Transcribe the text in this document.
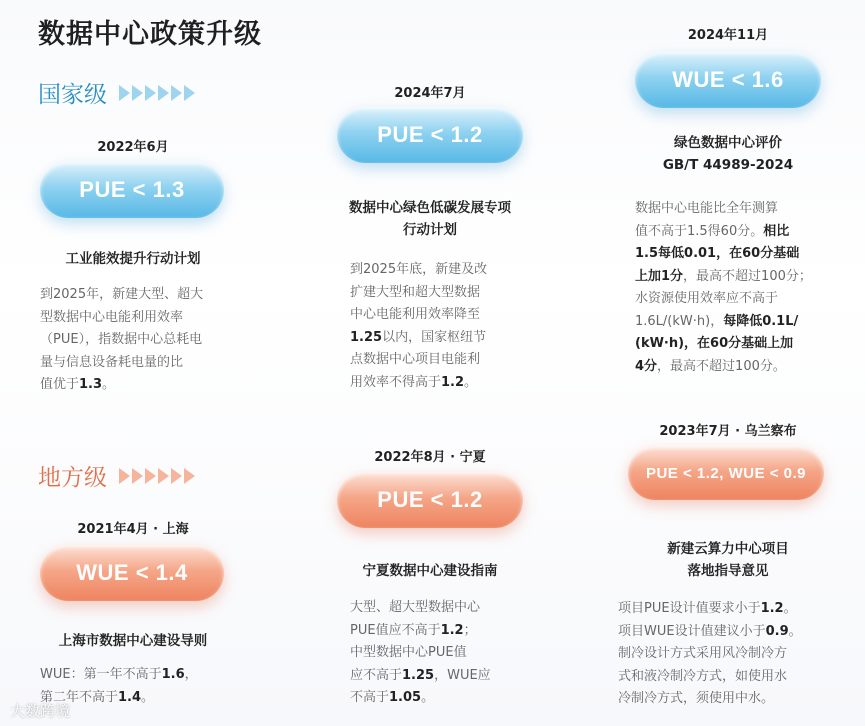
数据中心政策升级
国家级
地方级
2022年6月
PUE < 1.3
工业能效提升行动计划
到2025年，新建大型、超大
型数据中心电能利用效率
（PUE），指数据中心总耗电
量与信息设备耗电量的比
值优于1.3。
2024年7月
PUE < 1.2
数据中心绿色低碳发展专项
行动计划
到2025年底，新建及改
扩建大型和超大型数据
中心电能利用效率降至
1.25以内，国家枢纽节
点数据中心项目电能利
用效率不得高于1.2。
2024年11月
WUE < 1.6
绿色数据中心评价
GB/T 44989-2024
数据中心电能比全年测算
值不高于1.5得60分。相比
1.5每低0.01，在60分基础
上加1分，最高不超过100分；
水资源使用效率应不高于
1.6L/(kW·h)，每降低0.1L/
(kW·h)，在60分基础上加
4分，最高不超过100分。
2021年4月 · 上海
WUE < 1.4
上海市数据中心建设导则
WUE：第一年不高于1.6，
第二年不高于1.4。
2022年8月 · 宁夏
PUE < 1.2
宁夏数据中心建设指南
大型、超大型数据中心
PUE值应不高于1.2；
中型数据中心PUE值
应不高于1.25，WUE应
不高于1.05。
2023年7月 · 乌兰察布
PUE < 1.2, WUE < 0.9
新建云算力中心项目
落地指导意见
项目PUE设计值要求小于1.2。
项目WUE设计值建议小于0.9。
制冷设计方式采用风冷制冷方
式和液冷制冷方式，如使用水
冷制冷方式，须使用中水。
大数跨境
